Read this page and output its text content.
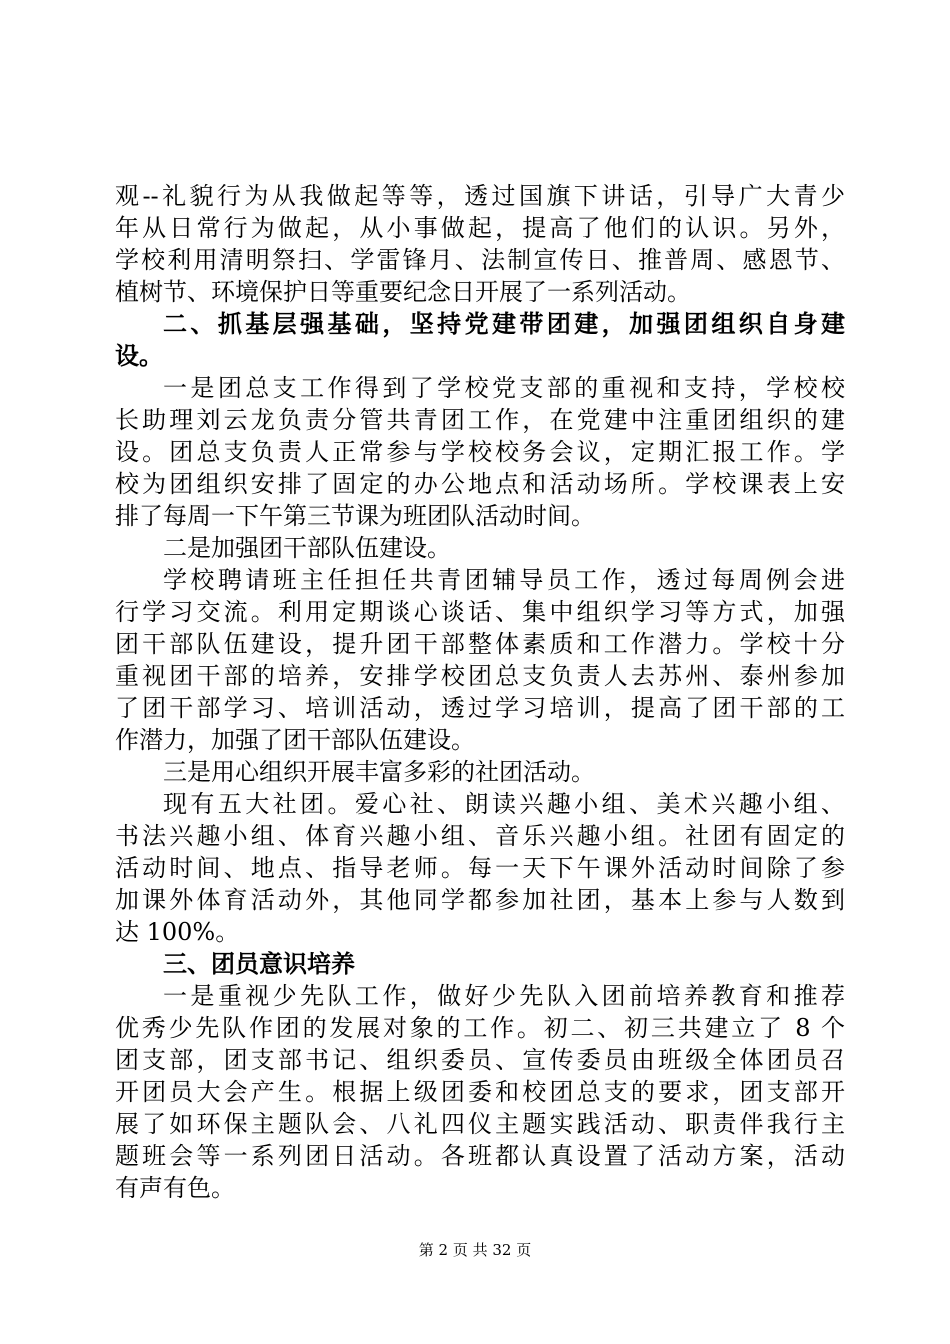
观--礼貌行为从我做起等等，透过国旗下讲话，引导广大青少
年从日常行为做起，从小事做起，提高了他们的认识。另外，
学校利用清明祭扫、学雷锋月、法制宣传日、推普周、感恩节、
植树节、环境保护日等重要纪念日开展了一系列活动。
二、抓基层强基础，坚持党建带团建，加强团组织自身建
设。
一是团总支工作得到了学校党支部的重视和支持，学校校
长助理刘云龙负责分管共青团工作，在党建中注重团组织的建
设。团总支负责人正常参与学校校务会议，定期汇报工作。学
校为团组织安排了固定的办公地点和活动场所。学校课表上安
排了每周一下午第三节课为班团队活动时间。
二是加强团干部队伍建设。
学校聘请班主任担任共青团辅导员工作，透过每周例会进
行学习交流。利用定期谈心谈话、集中组织学习等方式，加强
团干部队伍建设，提升团干部整体素质和工作潜力。学校十分
重视团干部的培养，安排学校团总支负责人去苏州、泰州参加
了团干部学习、培训活动，透过学习培训，提高了团干部的工
作潜力，加强了团干部队伍建设。
三是用心组织开展丰富多彩的社团活动。
现有五大社团。爱心社、朗读兴趣小组、美术兴趣小组、
书法兴趣小组、体育兴趣小组、音乐兴趣小组。社团有固定的
活动时间、地点、指导老师。每一天下午课外活动时间除了参
加课外体育活动外，其他同学都参加社团，基本上参与人数到
达 100%。
三、团员意识培养
一是重视少先队工作，做好少先队入团前培养教育和推荐
优秀少先队作团的发展对象的工作。初二、初三共建立了 8 个
团支部，团支部书记、组织委员、宣传委员由班级全体团员召
开团员大会产生。根据上级团委和校团总支的要求，团支部开
展了如环保主题队会、八礼四仪主题实践活动、职责伴我行主
题班会等一系列团日活动。各班都认真设置了活动方案，活动
有声有色。
第 2 页 共 32 页
